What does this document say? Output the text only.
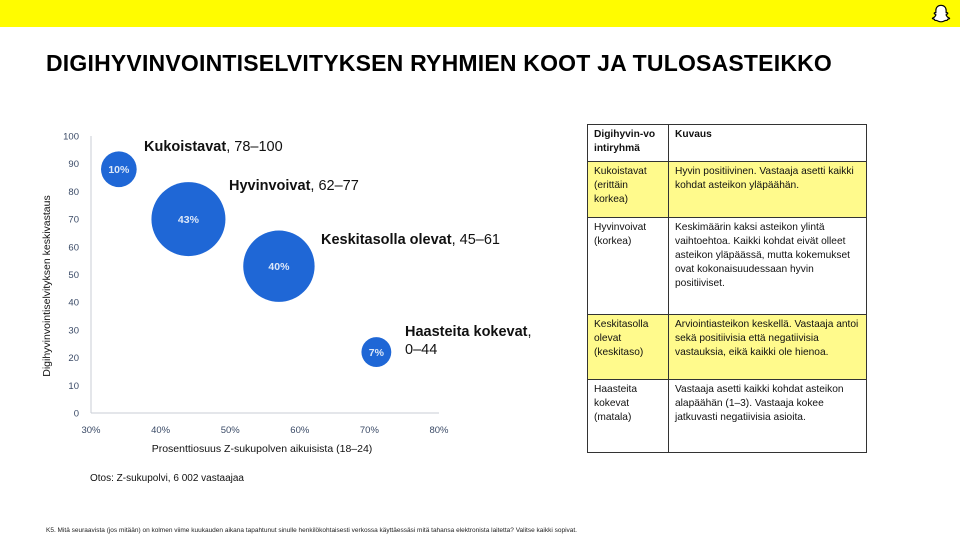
DIGIHYVINVOINTISELVITYKSEN RYHMIEN KOOT JA TULOSASTEIKKO
0
10
20
30
40
50
60
70
80
90
100
30%	40%	50%	60%	70%	80%
Prosenttiosuus Z-sukupolven aikuisista (18–24)
Digihyvinvointiselvityksen keskivastaus
10%
43%
40%
7%
Kukoistavat, 78–100
Hyvinvoivat, 62–77
Keskitasolla olevat, 45–61
Haasteita kokevat,
0–44
Otos: Z-sukupolvi, 6 002 vastaajaa
Digihyvin-vo intiryhmä	Kuvaus
Kukoistavat (erittäin korkea)	Hyvin positiivinen. Vastaaja asetti kaikki kohdat asteikon yläpäähän.
Hyvinvoivat (korkea)	Keskimäärin kaksi asteikon ylintä vaihtoehtoa. Kaikki kohdat eivät olleet asteikon yläpäässä, mutta kokemukset ovat kokonaisuudessaan hyvin positiiviset.
Keskitasolla olevat (keskitaso)	Arviointiasteikon keskellä. Vastaaja antoi sekä positiivisia että negatiivisia vastauksia, eikä kaikki ole hienoa.
Haasteita kokevat (matala)	Vastaaja asetti kaikki kohdat asteikon alapäähän (1–3). Vastaaja kokee jatkuvasti negatiivisia asioita.
K5. Mitä seuraavista (jos mitään) on kolmen viime kuukauden aikana tapahtunut sinulle henkilökohtaisesti verkossa käyttäessäsi mitä tahansa elektronista laitetta? Valitse kaikki sopivat.
